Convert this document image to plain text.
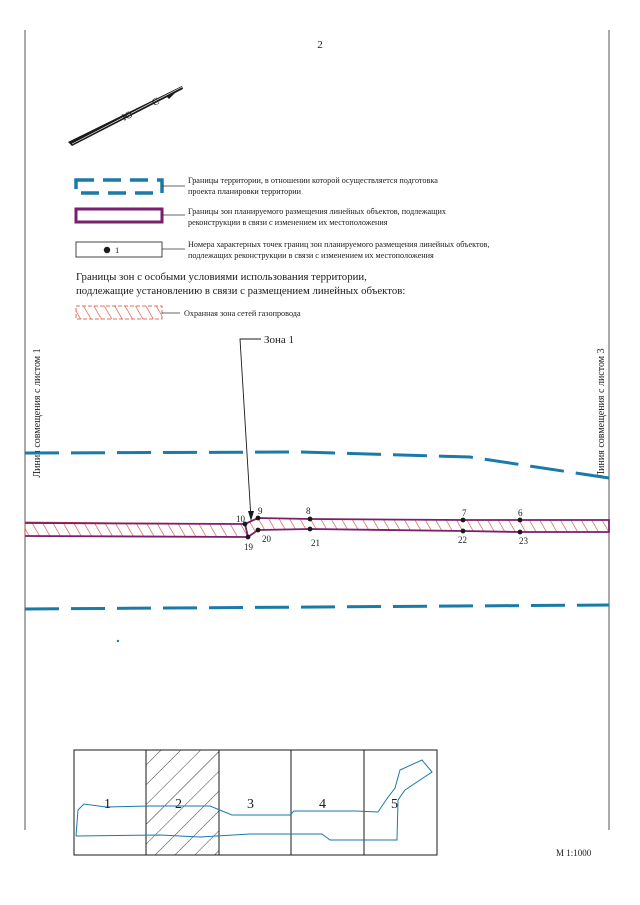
2
С
Ю
Границы территории, в отношении которой осуществляется подготовка
проекта планировки территории
Границы зон планируемого размещения линейных объектов, подлежащих
реконструкции в связи с изменением их местоположения
1
Номера характерных точек границ зон планируемого размещения линейных объектов,
подлежащих реконструкции в связи с изменением их местоположения
Границы зон с особыми условиями использования территории,
подлежащие установлению в связи с размещением линейных объектов:
Охранная зона сетей газопровода
Зона 1
Линия совмещения с листом 1	Линия совмещения с листом 3
10
9	8	7	6
19
20	21	22	23
1	2	3	4	5
М 1:1000
